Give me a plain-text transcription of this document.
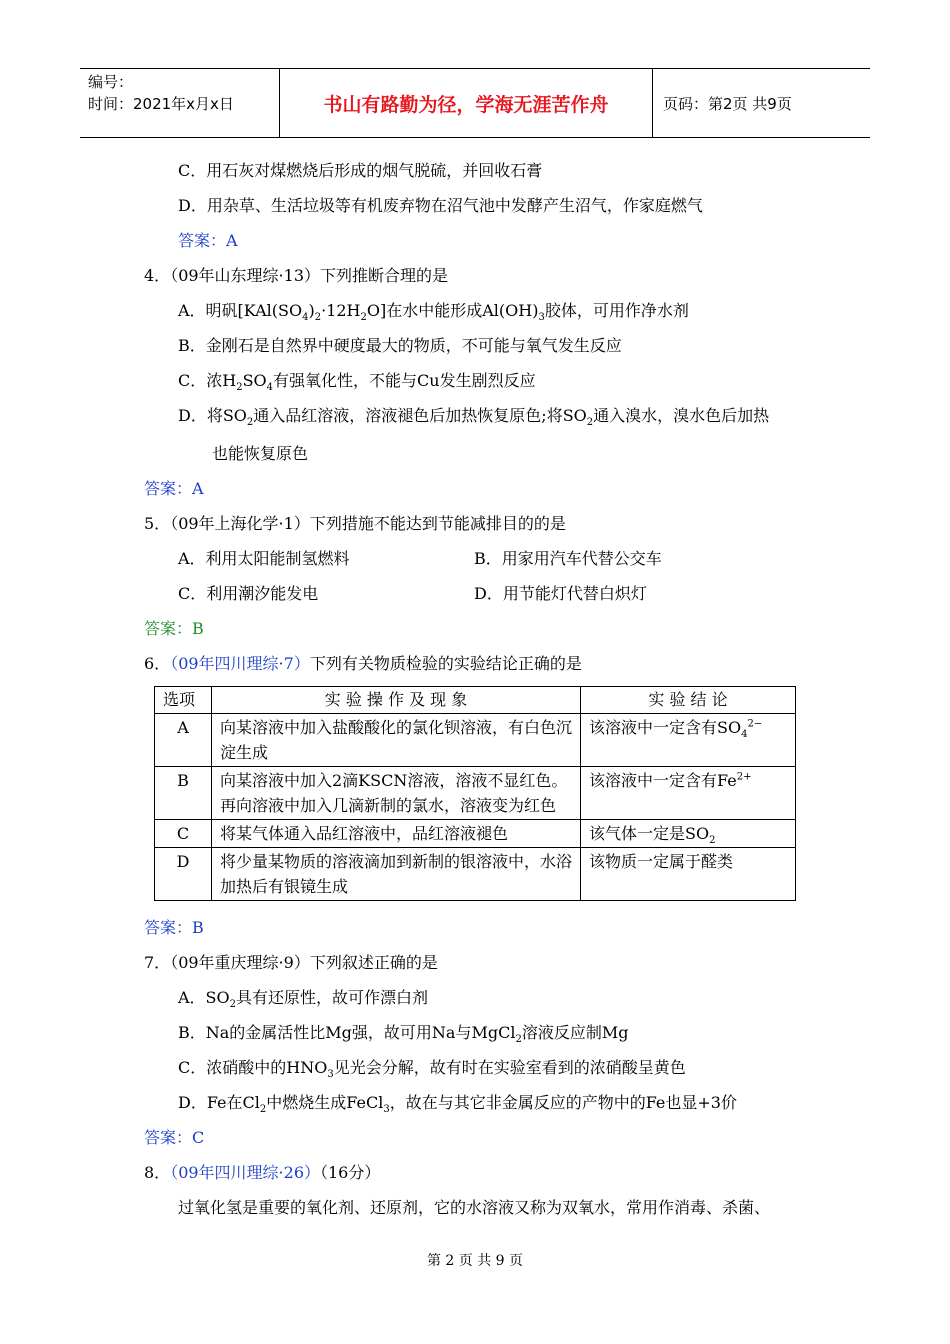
编号：
时间：2021年x月x日	书山有路勤为径，学海无涯苦作舟	页码：第2页 共9页
C．用石灰对煤燃烧后形成的烟气脱硫，并回收石膏
D．用杂草、生活垃圾等有机废弃物在沼气池中发酵产生沼气，作家庭燃气
答案：A
4．（09年山东理综·13）下列推断合理的是
A．明矾$[KAl(SO_4)_2\cdot 12H_2O]$在水中能形成$Al(OH)_3$胶体，可用作净水剂
B．金刚石是自然界中硬度最大的物质，不可能与氧气发生反应
C．浓$H_2SO_4$有强氧化性，不能与Cu发生剧烈反应
D．将$SO_2$通入品红溶液，溶液褪色后加热恢复原色;将$SO_2$通入溴水，溴水色后加热
也能恢复原色
答案：A
5．（09年上海化学·1）下列措施不能达到节能减排目的的是
A．利用太阳能制氢燃料	B．用家用汽车代替公交车
C．利用潮汐能发电	D．用节能灯代替白炽灯
答案：B
6．（09年四川理综·7）下列有关物质检验的实验结论正确的是
选项	实 验 操 作 及 现 象	实 验 结 论
A	向某溶液中加入盐酸酸化的氯化钡溶液，有白色沉淀生成	该溶液中一定含有$SO_4^{2-}$
B	向某溶液中加入2滴KSCN溶液，溶液不显红色。再向溶液中加入几滴新制的氯水，溶液变为红色	该溶液中一定含有$Fe^{2+}$
C	将某气体通入品红溶液中，品红溶液褪色	该气体一定是$SO_2$
D	将少量某物质的溶液滴加到新制的银溶液中，水浴加热后有银镜生成	该物质一定属于醛类
答案：B
7．（09年重庆理综·9）下列叙述正确的是
A．$SO_2$具有还原性，故可作漂白剂
B．Na的金属活性比Mg强，故可用Na与MgCl$_2$溶液反应制Mg
C．浓硝酸中的$HNO_3$见光会分解，故有时在实验室看到的浓硝酸呈黄色
D．Fe在$Cl_2$中燃烧生成FeCl$_3$，故在与其它非金属反应的产物中的Fe也显+3价
答案：C
8．（09年四川理综·26）（16分）
过氧化氢是重要的氧化剂、还原剂，它的水溶液又称为双氧水，常用作消毒、杀菌、
第 2 页 共 9 页
